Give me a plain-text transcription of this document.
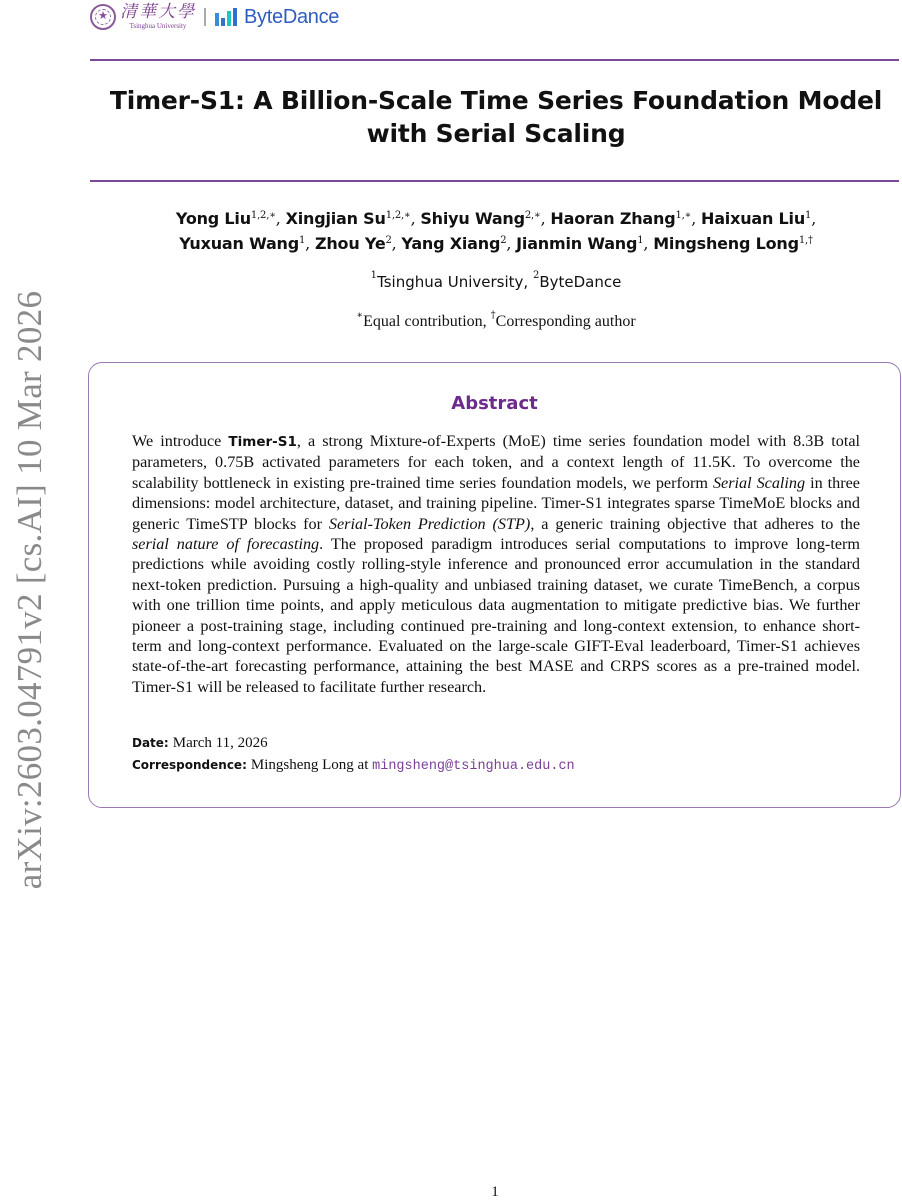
arXiv:2603.04791v2 [cs.AI] 10 Mar 2026
★
清華大學
Tsinghua University	ByteDance
Timer-S1: A Billion-Scale Time Series Foundation Model
with Serial Scaling
Yong Liu$^{1,2,∗}$, Xingjian $Su^{1,2,∗}$, Shiyu Wang$^{2,∗}$, Haoran Zhang$^{1,∗}$, Haixuan Liu$^1$,
Yuxuan Wang$^1$, Zhou Ye$^2$, Yang Xiang$^2$, Jianmin Wang$^1$, Mingsheng Long$^{1,\dagger}$
$^1$Tsinghua University, $^2$ByteDance
∗Equal contribution, †Corresponding author
Abstract

We introduce Timer-S1, a strong Mixture-of-Experts (MoE) time series foundation model with 8.3B total parameters, 0.75B activated parameters for each token, and a context length of 11.5K. To overcome the scalability bottleneck in existing pre-trained time series foundation models, we perform Serial Scaling in three dimensions: model architecture, dataset, and training pipeline. Timer-S1 integrates sparse TimeMoE blocks and generic TimeSTP blocks for Serial-Token Prediction (STP), a generic training objective that adheres to the serial nature of forecasting. The proposed paradigm introduces serial computations to improve long-term predictions while avoiding costly rolling-style inference and pronounced error accumulation in the standard next-token prediction. Pursuing a high-quality and unbiased training dataset, we curate TimeBench, a corpus with one trillion time points, and apply meticulous data augmentation to mitigate predictive bias. We further pioneer a post-training stage, including continued pre-training and long-context extension, to enhance short-term and long-context performance. Evaluated on the large-scale GIFT-Eval leaderboard, Timer-S1 achieves state-of-the-art forecasting performance, attaining the best MASE and CRPS scores as a pre-trained model. Timer-S1 will be released to facilitate further research.

Date: March 11, 2026
Correspondence: Mingsheng Long at mingsheng@tsinghua.edu.cn
1
